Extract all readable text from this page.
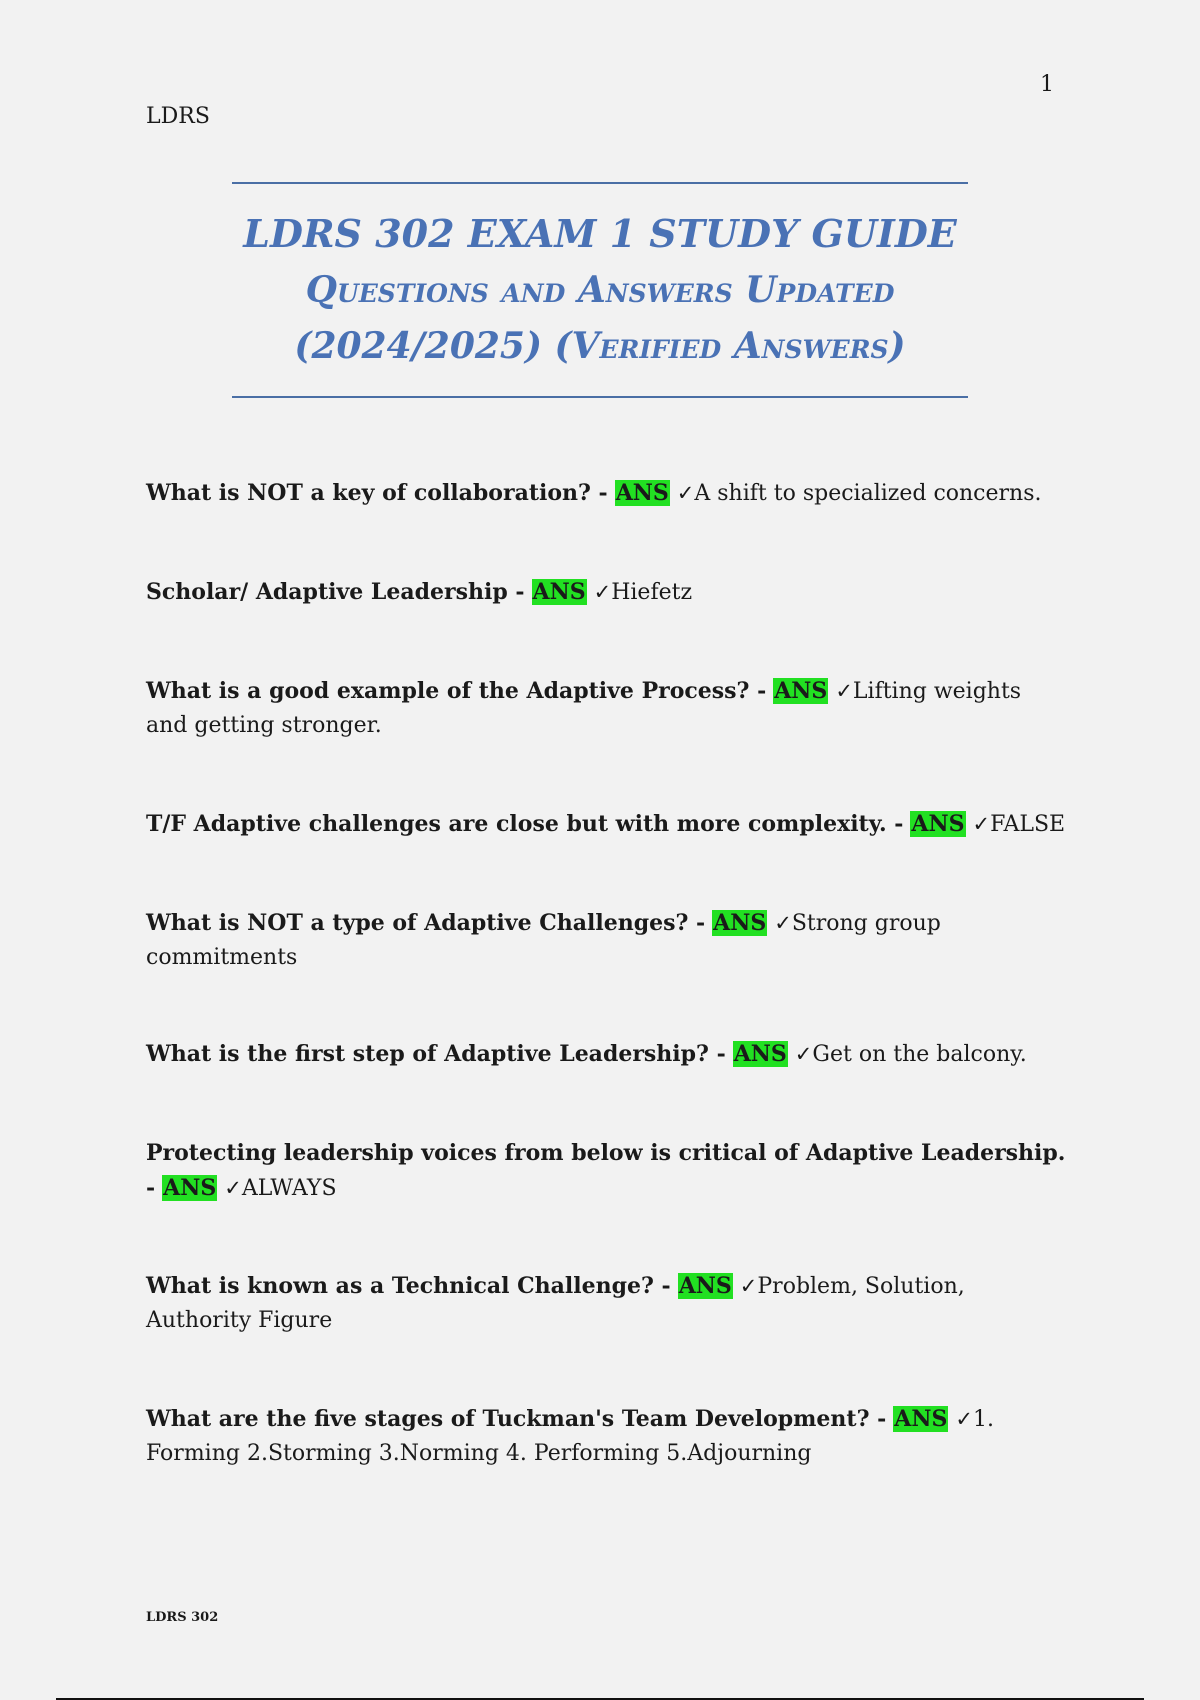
1
LDRS
LDRS 302 EXAM 1 STUDY GUIDE
Questions and Answers Updated
(2024/2025) (Verified Answers)
What is NOT a key of collaboration? - ANS ✓A shift to specialized concerns.
Scholar/ Adaptive Leadership - ANS ✓Hiefetz
What is a good example of the Adaptive Process? - ANS ✓Lifting weights and getting stronger.
T/F Adaptive challenges are close but with more complexity. - ANS ✓FALSE
What is NOT a type of Adaptive Challenges? - ANS ✓Strong group commitments
What is the first step of Adaptive Leadership? - ANS ✓Get on the balcony.
Protecting leadership voices from below is critical of Adaptive Leadership. - ANS ✓ALWAYS
What is known as a Technical Challenge? - ANS ✓Problem, Solution, Authority Figure
What are the five stages of Tuckman's Team Development? - ANS ✓1. Forming 2.Storming 3.Norming 4. Performing 5.Adjourning
LDRS 302
